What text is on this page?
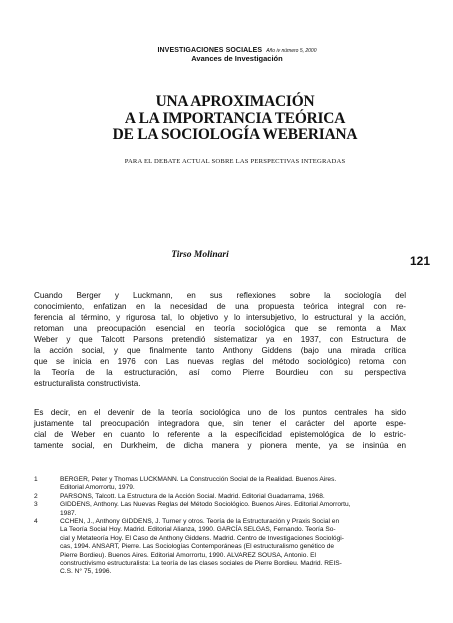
INVESTIGACIONES SOCIALES Año iv número 5, 2000
Avances de Investigación
UNA APROXIMACIÓN
A LA IMPORTANCIA TEÓRICA
DE LA SOCIOLOGÍA WEBERIANA
PARA EL DEBATE ACTUAL SOBRE LAS PERSPECTIVAS INTEGRADAS
Tirso Molinari	121
Cuando Berger y Luckmann, en sus reflexiones sobre la sociología del
conocimiento, enfatizan en la necesidad de una propuesta teórica integral con re-
ferencia al término, y rigurosa tal, lo objetivo y lo intersubjetivo, lo estructural y la acción,
retoman una preocupación esencial en teoría sociológica que se remonta a Max
Weber y que Talcott Parsons pretendió sistematizar ya en 1937, con Estructura de
la acción social, y que finalmente tanto Anthony Giddens (bajo una mirada crítica
que se inicia en 1976 con Las nuevas reglas del método sociológico) retoma con
la Teoría de la estructuración, así como Pierre Bourdieu con su perspectiva
estructuralista constructivista.
Es decir, en el devenir de la teoría sociológica uno de los puntos centrales ha sido
justamente tal preocupación integradora que, sin tener el carácter del aporte espe-
cial de Weber en cuanto lo referente a la especificidad epistemológica de lo estric-
tamente social, en Durkheim, de dicha manera y pionera mente, ya se insinúa en
1	BERGER, Peter y Thomas LUCKMANN. La Construcción Social de la Realidad. Buenos Aires.
Editorial Amorrortu, 1979.
2	PARSONS, Talcott. La Estructura de la Acción Social. Madrid. Editorial Guadarrama, 1968.
3	GIDDENS, Anthony. Las Nuevas Reglas del Método Sociológico. Buenos Aires. Editorial Amorrortu,
1987.
4	CCHEN, J., Anthony GIDDENS, J. Turner y otros. Teoría de la Estructuración y Praxis Social en
La Teoría Social Hoy. Madrid. Editorial Alianza, 1990. GARCÍA SELGAS, Fernando. Teoría So-
cial y Metateoría Hoy. El Caso de Anthony Giddens. Madrid. Centro de Investigaciones Sociológi-
cas, 1994. ANSART, Pierre. Las Sociologías Contemporáneas (El estructuralismo genético de
Pierre Bordieu). Buenos Aires. Editorial Amorrortu, 1990. ALVAREZ SOUSA, Antonio. El
constructivismo estructuralista: La teoría de las clases sociales de Pierre Bordieu. Madrid. REIS-
C.S. N° 75, 1996.
